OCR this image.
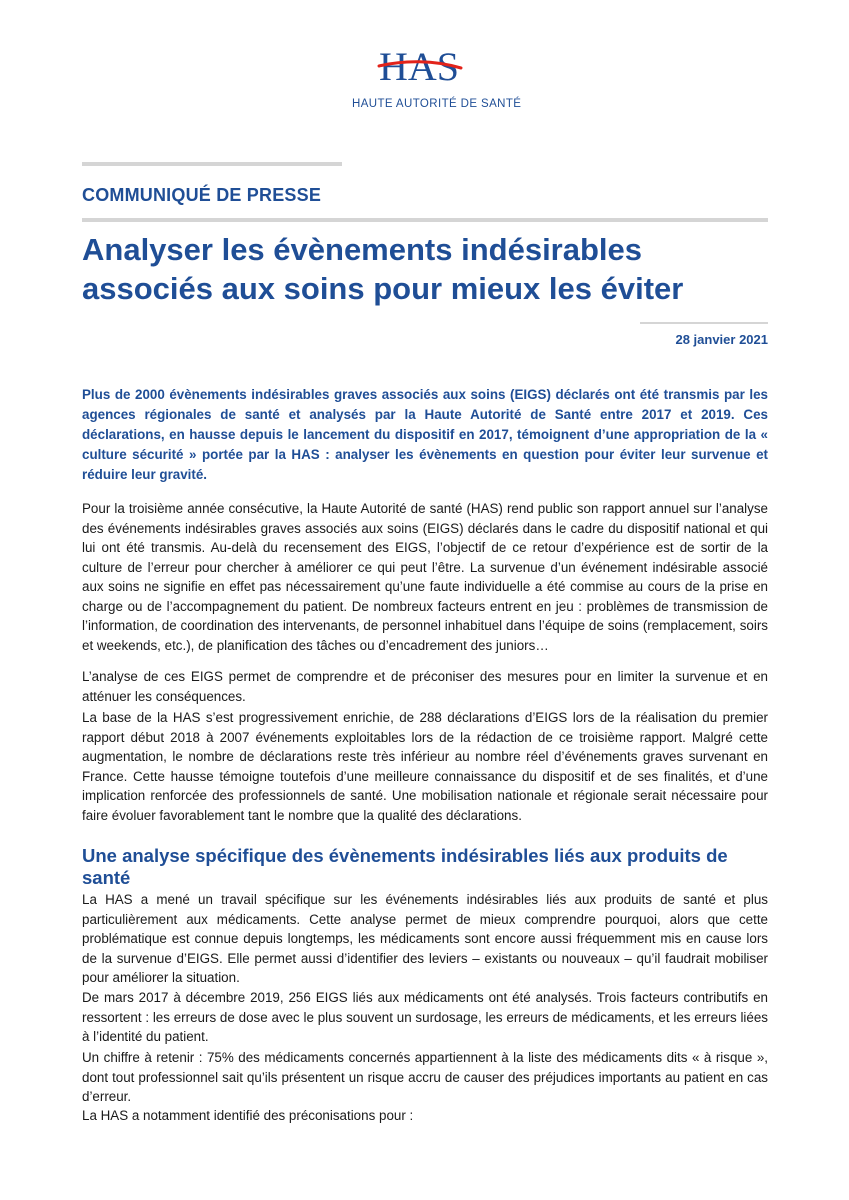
HAS
HAUTE AUTORITÉ DE SANTÉ
COMMUNIQUÉ DE PRESSE
Analyser les évènements indésirables associés aux soins pour mieux les éviter
28 janvier 2021

Plus de 2000 évènements indésirables graves associés aux soins (EIGS) déclarés ont été transmis par les agences régionales de santé et analysés par la Haute Autorité de Santé entre 2017 et 2019. Ces déclarations, en hausse depuis le lancement du dispositif en 2017, témoignent d’une appropriation de la « culture sécurité » portée par la HAS : analyser les évènements en question pour éviter leur survenue et réduire leur gravité.

Pour la troisième année consécutive, la Haute Autorité de santé (HAS) rend public son rapport annuel sur l’analyse des événements indésirables graves associés aux soins (EIGS) déclarés dans le cadre du dispositif national et qui lui ont été transmis. Au-delà du recensement des EIGS, l’objectif de ce retour d’expérience est de sortir de la culture de l’erreur pour chercher à améliorer ce qui peut l’être. La survenue d’un événement indésirable associé aux soins ne signifie en effet pas nécessairement qu’une faute individuelle a été commise au cours de la prise en charge ou de l’accompagnement du patient. De nombreux facteurs entrent en jeu : problèmes de transmission de l’information, de coordination des intervenants, de personnel inhabituel dans l’équipe de soins (remplacement, soirs et weekends, etc.), de planification des tâches ou d’encadrement des juniors…

L’analyse de ces EIGS permet de comprendre et de préconiser des mesures pour en limiter la survenue et en atténuer les conséquences.

La base de la HAS s’est progressivement enrichie, de 288 déclarations d’EIGS lors de la réalisation du premier rapport début 2018 à 2007 événements exploitables lors de la rédaction de ce troisième rapport. Malgré cette augmentation, le nombre de déclarations reste très inférieur au nombre réel d’événements graves survenant en France. Cette hausse témoigne toutefois d’une meilleure connaissance du dispositif et de ses finalités, et d’une implication renforcée des professionnels de santé. Une mobilisation nationale et régionale serait nécessaire pour faire évoluer favorablement tant le nombre que la qualité des déclarations.

Une analyse spécifique des évènements indésirables liés aux produits de santé

La HAS a mené un travail spécifique sur les événements indésirables liés aux produits de santé et plus particulièrement aux médicaments. Cette analyse permet de mieux comprendre pourquoi, alors que cette problématique est connue depuis longtemps, les médicaments sont encore aussi fréquemment mis en cause lors de la survenue d’EIGS. Elle permet aussi d’identifier des leviers – existants ou nouveaux – qu’il faudrait mobiliser pour améliorer la situation.

De mars 2017 à décembre 2019, 256 EIGS liés aux médicaments ont été analysés. Trois facteurs contributifs en ressortent : les erreurs de dose avec le plus souvent un surdosage, les erreurs de médicaments, et les erreurs liées à l’identité du patient.

Un chiffre à retenir : 75% des médicaments concernés appartiennent à la liste des médicaments dits « à risque », dont tout professionnel sait qu’ils présentent un risque accru de causer des préjudices importants au patient en cas d’erreur.

La HAS a notamment identifié des préconisations pour :
